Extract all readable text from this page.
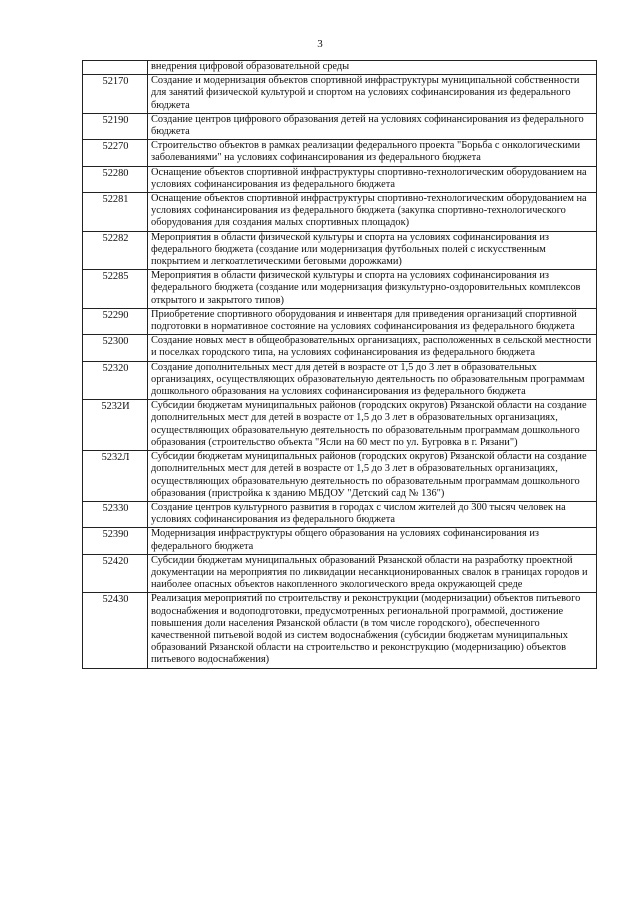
3
	внедрения цифровой образовательной среды
52170	Создание и модернизация объектов спортивной инфраструктуры муниципальной собственности для занятий физической культурой и спортом на условиях софинансирования из федерального бюджета
52190	Создание центров цифрового образования детей на условиях софинансирования из федерального бюджета
52270	Строительство объектов в рамках реализации федерального проекта "Борьба с онкологическими заболеваниями" на условиях софинансирования из федерального бюджета
52280	Оснащение объектов спортивной инфраструктуры спортивно-технологическим оборудованием на условиях софинансирования из федерального бюджета
52281	Оснащение объектов спортивной инфраструктуры спортивно-технологическим оборудованием на условиях софинансирования из федерального бюджета (закупка спортивно-технологического оборудования для создания малых спортивных площадок)
52282	Мероприятия в области физической культуры и спорта на условиях софинансирования из федерального бюджета (создание или модернизация футбольных полей с искусственным покрытием и легкоатлетическими беговыми дорожками)
52285	Мероприятия в области физической культуры и спорта на условиях софинансирования из федерального бюджета (создание или модернизация физкультурно-оздоровительных комплексов открытого и закрытого типов)
52290	Приобретение спортивного оборудования и инвентаря для приведения организаций спортивной подготовки в нормативное состояние на условиях софинансирования из федерального бюджета
52300	Создание новых мест в общеобразовательных организациях, расположенных в сельской местности и поселках городского типа, на условиях софинансирования из федерального бюджета
52320	Создание дополнительных мест для детей в возрасте от 1,5 до 3 лет в образовательных организациях, осуществляющих образовательную деятельность по образовательным программам дошкольного образования на условиях софинансирования из федерального бюджета
5232И	Субсидии бюджетам муниципальных районов (городских округов) Рязанской области на создание дополнительных мест для детей в возрасте от 1,5 до 3 лет в образовательных организациях, осуществляющих образовательную деятельность по образовательным программам дошкольного образования (строительство объекта "Ясли на 60 мест по ул. Бугровка в г. Рязани")
5232Л	Субсидии бюджетам муниципальных районов (городских округов) Рязанской области на создание дополнительных мест для детей в возрасте от 1,5 до 3 лет в образовательных организациях, осуществляющих образовательную деятельность по образовательным программам дошкольного образования (пристройка к зданию МБДОУ "Детский сад № 136")
52330	Создание центров культурного развития в городах с числом жителей до 300 тысяч человек на условиях софинансирования из федерального бюджета
52390	Модернизация инфраструктуры общего образования на условиях софинансирования из федерального бюджета
52420	Субсидии бюджетам муниципальных образований Рязанской области на разработку проектной документации на мероприятия по ликвидации несанкционированных свалок в границах городов и наиболее опасных объектов накопленного экологического вреда окружающей среде
52430	Реализация мероприятий по строительству и реконструкции (модернизации) объектов питьевого водоснабжения и водоподготовки, предусмотренных региональной программой, достижение повышения доли населения Рязанской области (в том числе городского), обеспеченного качественной питьевой водой из систем водоснабжения (субсидии бюджетам муниципальных образований Рязанской области на строительство и реконструкцию (модернизацию) объектов питьевого водоснабжения)
